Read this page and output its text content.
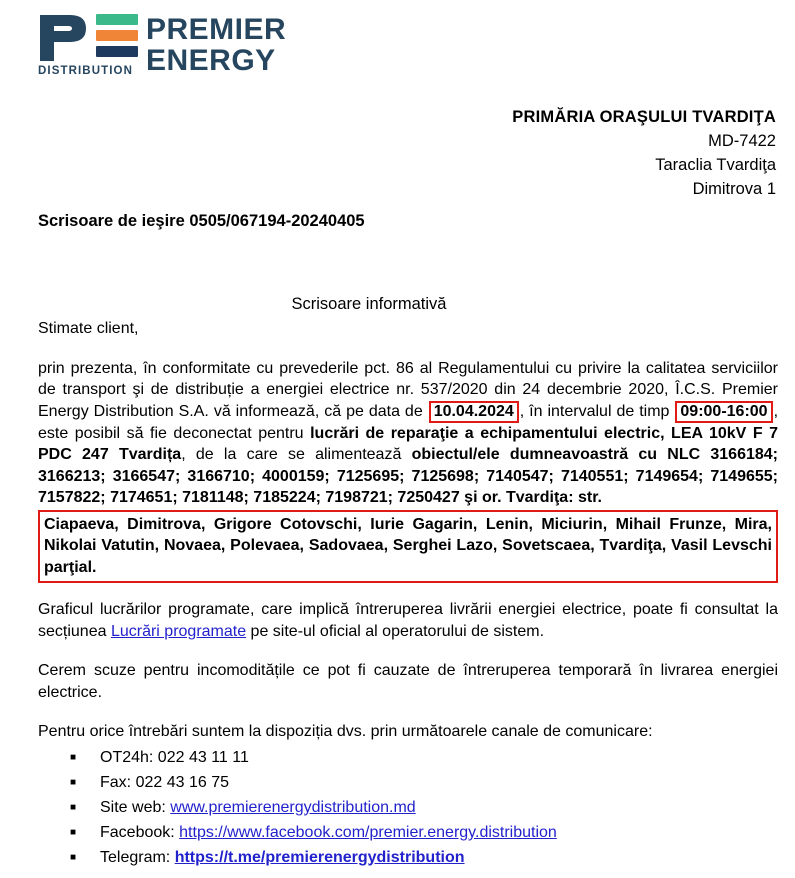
DISTRIBUTION
PREMIER
ENERGY
PRIMĂRIA ORAŞULUI TVARDIŢA
MD-7422
Taraclia Tvardiţa
Dimitrova 1
Scrisoare de ieşire 0505/067194-20240405
Scrisoare informativă

Stimate client,

prin prezenta, în conformitate cu prevederile pct. 86 al Regulamentului cu privire la calitatea serviciilor de transport şi de distribuție a energiei electrice nr. 537/2020 din 24 decembrie 2020, Î.C.S. Premier Energy Distribution S.A. vă informează, că pe data de 10.04.2024 , în intervalul de timp 09:00-16:00 , este posibil să fie deconectat pentru lucrări de reparaţie a echipamentului electric, LEA 10kV F 7 PDC 247 Tvardița, de la care se alimentează obiectul/ele dumneavoastră cu NLC 3166184; 3166213; 3166547; 3166710; 4000159; 7125695; 7125698; 7140547; 7140551; 7149654; 7149655; 7157822; 7174651; 7181148; 7185224; 7198721; 7250427 şi or. Tvardiţa: str.

Ciapaeva, Dimitrova, Grigore Cotovschi, Iurie Gagarin, Lenin, Miciurin, Mihail Frunze, Mira, Nikolai Vatutin, Novaea, Polevaea, Sadovaea, Serghei Lazo, Sovetscaea, Tvardiţa, Vasil Levschi parţial.

Graficul lucrărilor programate, care implică întreruperea livrării energiei electrice, poate fi consultat la secțiunea Lucrări programate pe site-ul oficial al operatorului de sistem.

Cerem scuze pentru incomoditățile ce pot fi cauzate de întreruperea temporară în livrarea energiei electrice.

Pentru orice întrebări suntem la dispoziția dvs. prin următoarele canale de comunicare:

■ OT24h: 022 43 11 11
■ Fax: 022 43 16 75
■ Site web: www.premierenergydistribution.md
■ Facebook: https://www.facebook.com/premier.energy.distribution
■ Telegram: https://t.me/premierenergydistribution
